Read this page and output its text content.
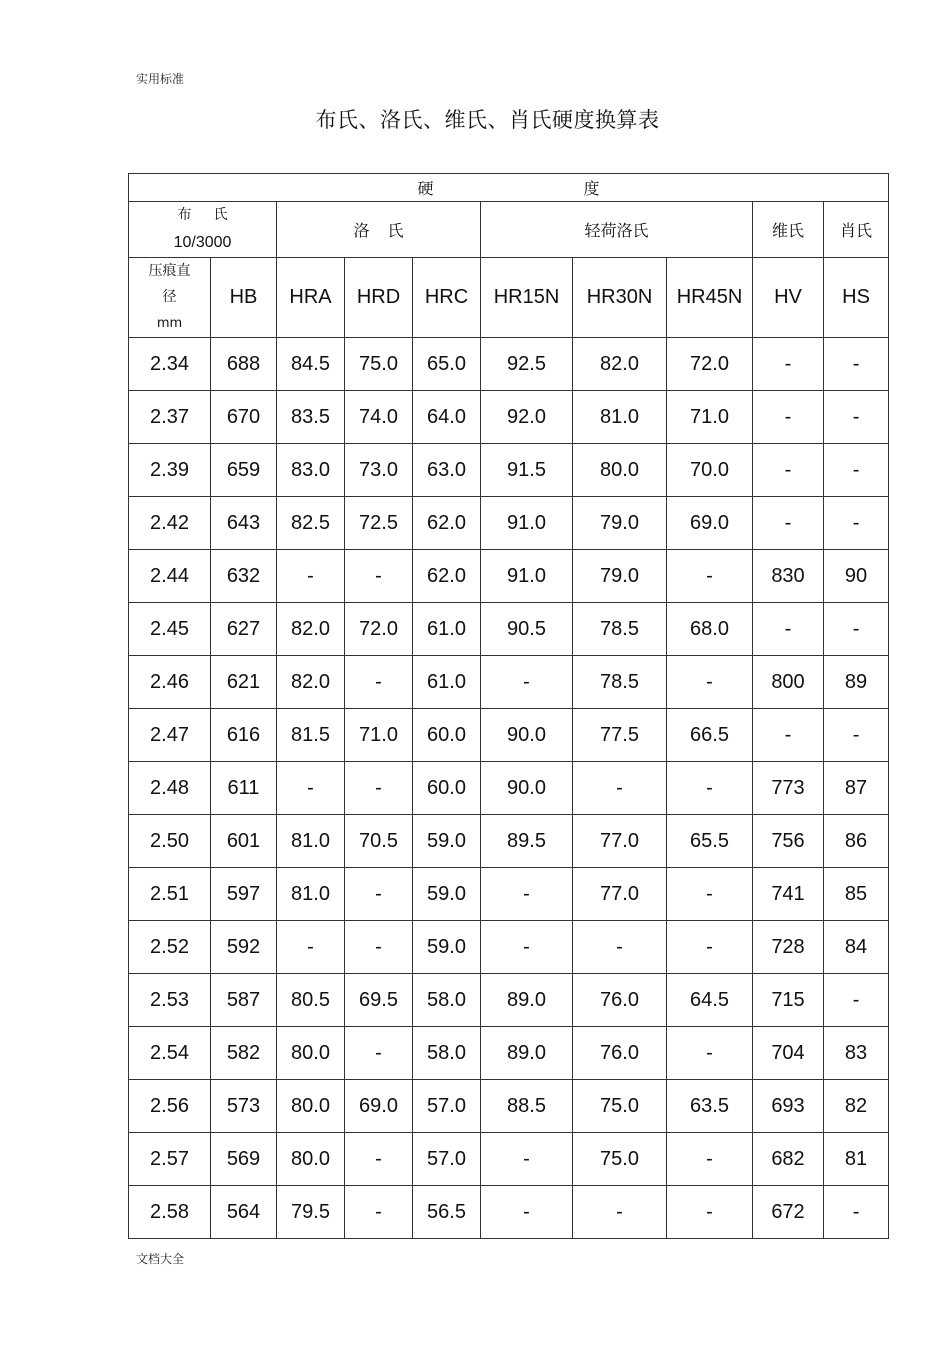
实用标准
布氏、洛氏、维氏、肖氏硬度换算表
硬 度									

布 氏
10/3000		洛 氏			轻荷洛氏			维氏	肖氏
压痕直
径
mm	HB	HRA	HRD	HRC	HR15N	HR30N	HR45N	HV	HS
2.34	688	84.5	75.0	65.0	92.5	82.0	72.0	-	-
2.37	670	83.5	74.0	64.0	92.0	81.0	71.0	-	-
2.39	659	83.0	73.0	63.0	91.5	80.0	70.0	-	-
2.42	643	82.5	72.5	62.0	91.0	79.0	69.0	-	-
2.44	632	-	-	62.0	91.0	79.0	-	830	90
2.45	627	82.0	72.0	61.0	90.5	78.5	68.0	-	-
2.46	621	82.0	-	61.0	-	78.5	-	800	89
2.47	616	81.5	71.0	60.0	90.0	77.5	66.5	-	-
2.48	611	-	-	60.0	90.0	-	-	773	87
2.50	601	81.0	70.5	59.0	89.5	77.0	65.5	756	86
2.51	597	81.0	-	59.0	-	77.0	-	741	85
2.52	592	-	-	59.0	-	-	-	728	84
2.53	587	80.5	69.5	58.0	89.0	76.0	64.5	715	-
2.54	582	80.0	-	58.0	89.0	76.0	-	704	83
2.56	573	80.0	69.0	57.0	88.5	75.0	63.5	693	82
2.57	569	80.0	-	57.0	-	75.0	-	682	81
2.58	564	79.5	-	56.5	-	-	-	672	-
文档大全
